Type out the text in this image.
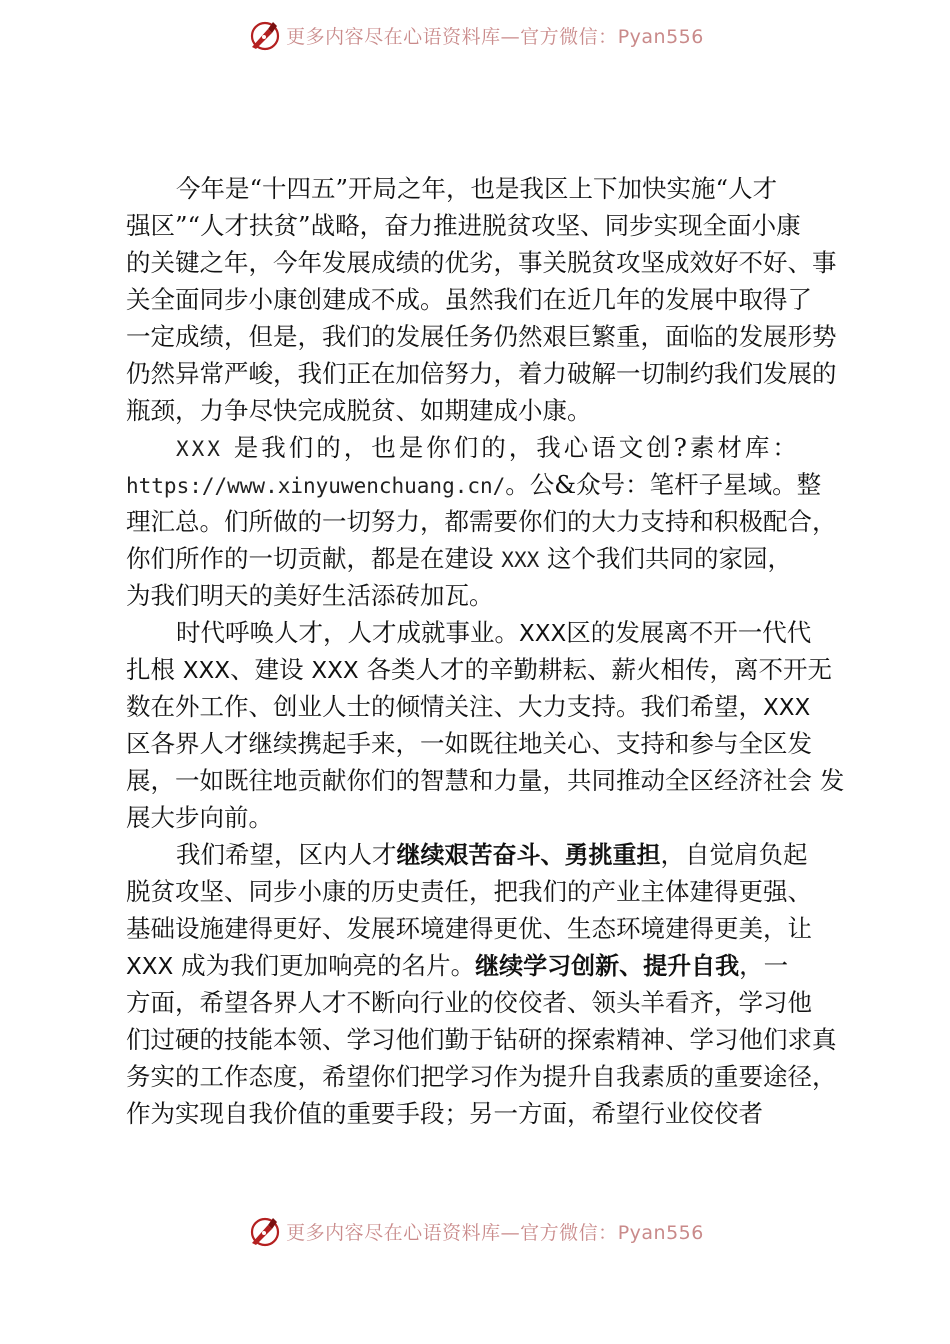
更多内容尽在心语资料库—官方微信：Pyan556
今年是“十四五”开局之年，也是我区上下加快实施“人才
强区”“人才扶贫”战略，奋力推进脱贫攻坚、同步实现全面小康
的关键之年，今年发展成绩的优劣，事关脱贫攻坚成效好不好、事
关全面同步小康创建成不成。虽然我们在近几年的发展中取得了
一定成绩，但是，我们的发展任务仍然艰巨繁重，面临的发展形势
仍然异常严峻，我们正在加倍努力，着力破解一切制约我们发展的
瓶颈，力争尽快完成脱贫、如期建成小康。
XXX 是我们的，也是你们的，我心语文创?素材库：
https://www.xinyuwenchuang.cn/。公&众号：笔杆子星域。整
理汇总。们所做的一切努力，都需要你们的大力支持和积极配合，
你们所作的一切贡献，都是在建设 XXX 这个我们共同的家园，
为我们明天的美好生活添砖加瓦。
时代呼唤人才，人才成就事业。XXX区的发展离不开一代代
扎根 XXX、建设 XXX 各类人才的辛勤耕耘、薪火相传，离不开无
数在外工作、创业人士的倾情关注、大力支持。我们希望，XXX
区各界人才继续携起手来，一如既往地关心、支持和参与全区发
展，一如既往地贡献你们的智慧和力量，共同推动全区经济社会 发
展大步向前。
我们希望，区内人才继续艰苦奋斗、勇挑重担，自觉肩负起
脱贫攻坚、同步小康的历史责任，把我们的产业主体建得更强、
基础设施建得更好、发展环境建得更优、生态环境建得更美，让
XXX 成为我们更加响亮的名片。继续学习创新、提升自我，一
方面，希望各界人才不断向行业的佼佼者、领头羊看齐，学习他
们过硬的技能本领、学习他们勤于钻研的探索精神、学习他们求真
务实的工作态度，希望你们把学习作为提升自我素质的重要途径，
作为实现自我价值的重要手段；另一方面，希望行业佼佼者
更多内容尽在心语资料库—官方微信：Pyan556
